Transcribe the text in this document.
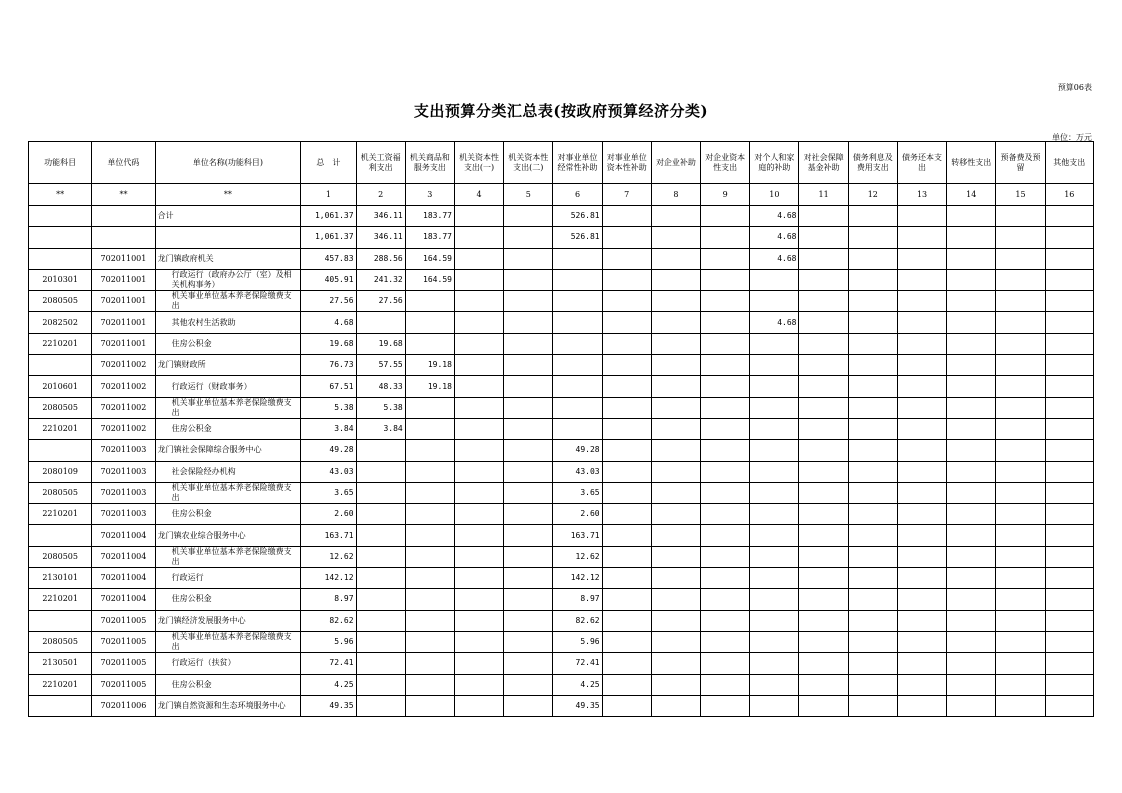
预算06表
支出预算分类汇总表(按政府预算经济分类)
单位：万元
功能科目	单位代码	单位名称(功能科目)	总　计	机关工资福利支出	机关商品和服务支出	机关资本性支出(一)	机关资本性支出(二)	对事业单位经常性补助	对事业单位资本性补助	对企业补助	对企业资本性支出	对个人和家庭的补助	对社会保障基金补助	债务利息及费用支出	债务还本支出	转移性支出	预备费及预留	其他支出
**	**	**	1	2	3	4	5	6	7	8	9	10	11	12	13	14	15	16
		合计	1,061.37	346.11	183.77			526.81				4.68						
			1,061.37	346.11	183.77			526.81				4.68						
	702011001	龙门镇政府机关	457.83	288.56	164.59							4.68						
2010301	702011001	行政运行（政府办公厅（室）及相关机构事务）	405.91	241.32	164.59													
2080505	702011001	机关事业单位基本养老保险缴费支出	27.56	27.56														
2082502	702011001	其他农村生活救助	4.68									4.68						
2210201	702011001	住房公积金	19.68	19.68														
	702011002	龙门镇财政所	76.73	57.55	19.18													
2010601	702011002	行政运行（财政事务）	67.51	48.33	19.18													
2080505	702011002	机关事业单位基本养老保险缴费支出	5.38	5.38														
2210201	702011002	住房公积金	3.84	3.84														
	702011003	龙门镇社会保障综合服务中心	49.28					49.28										
2080109	702011003	社会保险经办机构	43.03					43.03										
2080505	702011003	机关事业单位基本养老保险缴费支出	3.65					3.65										
2210201	702011003	住房公积金	2.60					2.60										
	702011004	龙门镇农业综合服务中心	163.71					163.71										
2080505	702011004	机关事业单位基本养老保险缴费支出	12.62					12.62										
2130101	702011004	行政运行	142.12					142.12										
2210201	702011004	住房公积金	8.97					8.97										
	702011005	龙门镇经济发展服务中心	82.62					82.62										
2080505	702011005	机关事业单位基本养老保险缴费支出	5.96					5.96										
2130501	702011005	行政运行（扶贫）	72.41					72.41										
2210201	702011005	住房公积金	4.25					4.25										
	702011006	龙门镇自然资源和生态环境服务中心	49.35					49.35										
